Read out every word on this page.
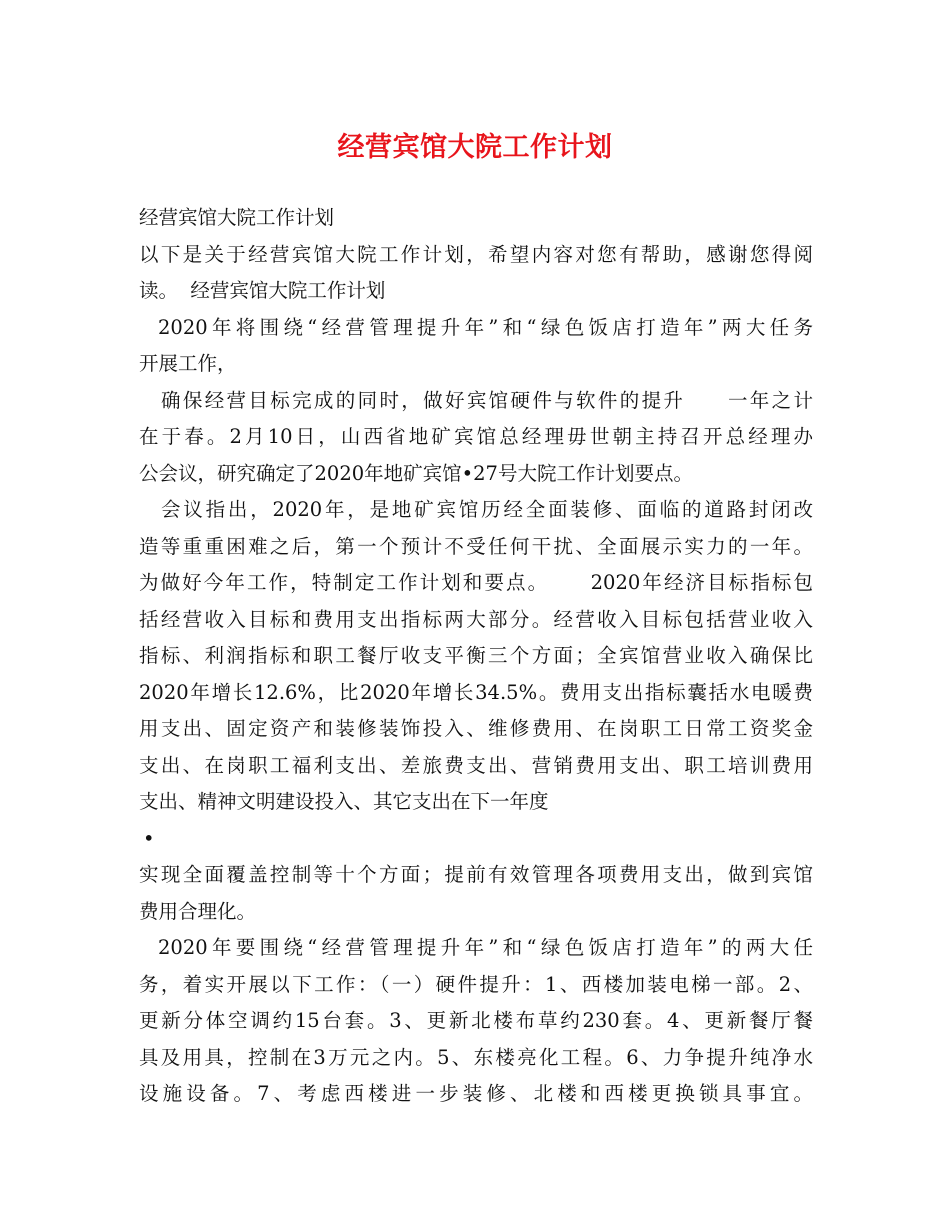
经营宾馆大院工作计划
经营宾馆大院工作计划
以下是关于经营宾馆大院工作计划，希望内容对您有帮助，感谢您得阅
读。  经营宾馆大院工作计划
2020年将围绕“经营管理提升年”和“绿色饭店打造年”两大任务
开展工作，
确保经营目标完成的同时，做好宾馆硬件与软件的提升     一年之计
在于春。2月10日，山西省地矿宾馆总经理毋世朝主持召开总经理办
公会议，研究确定了2020年地矿宾馆•27号大院工作计划要点。
会议指出，2020年，是地矿宾馆历经全面装修、面临的道路封闭改
造等重重困难之后，第一个预计不受任何干扰、全面展示实力的一年。
为做好今年工作，特制定工作计划和要点。     2020年经济目标指标包
括经营收入目标和费用支出指标两大部分。经营收入目标包括营业收入
指标、利润指标和职工餐厅收支平衡三个方面；全宾馆营业收入确保比
2020年增长12.6%，比2020年增长34.5%。费用支出指标囊括水电暖费
用支出、固定资产和装修装饰投入、维修费用、在岗职工日常工资奖金
支出、在岗职工福利支出、差旅费支出、营销费用支出、职工培训费用
支出、精神文明建设投入、其它支出在下一年度
•
实现全面覆盖控制等十个方面；提前有效管理各项费用支出，做到宾馆
费用合理化。
2020年要围绕“经营管理提升年”和“绿色饭店打造年”的两大任
务，着实开展以下工作：（一）硬件提升：1、西楼加装电梯一部。2、
更新分体空调约15台套。3、更新北楼布草约230套。4、更新餐厅餐
具及用具，控制在3万元之内。5、东楼亮化工程。6、力争提升纯净水
设施设备。7、考虑西楼进一步装修、北楼和西楼更换锁具事宜。
